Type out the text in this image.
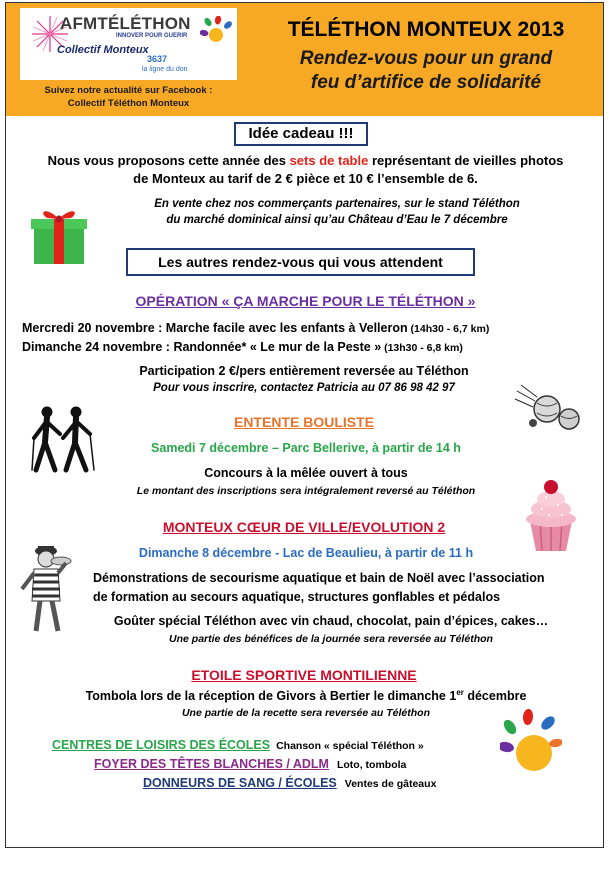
AFMTÉLÉTHON
INNOVER POUR GUERIR
Collectif Monteux
3637
la ligne du don
Suivez notre actualité sur Facebook :
Collectif Téléthon Monteux
TÉLÉTHON MONTEUX 2013
Rendez-vous pour un grand
feu d’artifice de solidarité
Idée cadeau !!!
Nous vous proposons cette année des sets de table représentant de vieilles photos
de Monteux au tarif de 2 € pièce et 10 € l’ensemble de 6.
En vente chez nos commerçants partenaires, sur le stand Téléthon
du marché dominical ainsi qu’au Château d’Eau le 7 décembre
Les autres rendez-vous qui vous attendent
OPÉRATION « ÇA MARCHE POUR LE TÉLÉTHON »
Mercredi 20 novembre : Marche facile avec les enfants à Velleron (14h30 - 6,7 km)
Dimanche 24 novembre : Randonnée* « Le mur de la Peste » (13h30 - 6,8 km)
Participation 2 €/pers entièrement reversée au Téléthon
Pour vous inscrire, contactez Patricia au 07 86 98 42 97
ENTENTE BOULISTE
Samedi 7 décembre – Parc Bellerive, à partir de 14 h
Concours à la mêlée ouvert à tous
Le montant des inscriptions sera intégralement reversé au Téléthon
MONTEUX CŒUR DE VILLE/EVOLUTION 2
Dimanche 8 décembre - Lac de Beaulieu, à partir de 11 h
Démonstrations de secourisme aquatique et bain de Noël avec l’association
de formation au secours aquatique, structures gonflables et pédalos
Goûter spécial Téléthon avec vin chaud, chocolat, pain d’épices, cakes…
Une partie des bénéfices de la journée sera reversée au Téléthon
ETOILE SPORTIVE MONTILIENNE
Tombola lors de la réception de Givors à Bertier le dimanche 1er décembre
Une partie de la recette sera reversée au Téléthon
CENTRES DE LOISIRS DES ÉCOLES Chanson « spécial Téléthon »
FOYER DES TÊTES BLANCHES / ADLM Loto, tombola
DONNEURS DE SANG / ÉCOLES Ventes de gâteaux
